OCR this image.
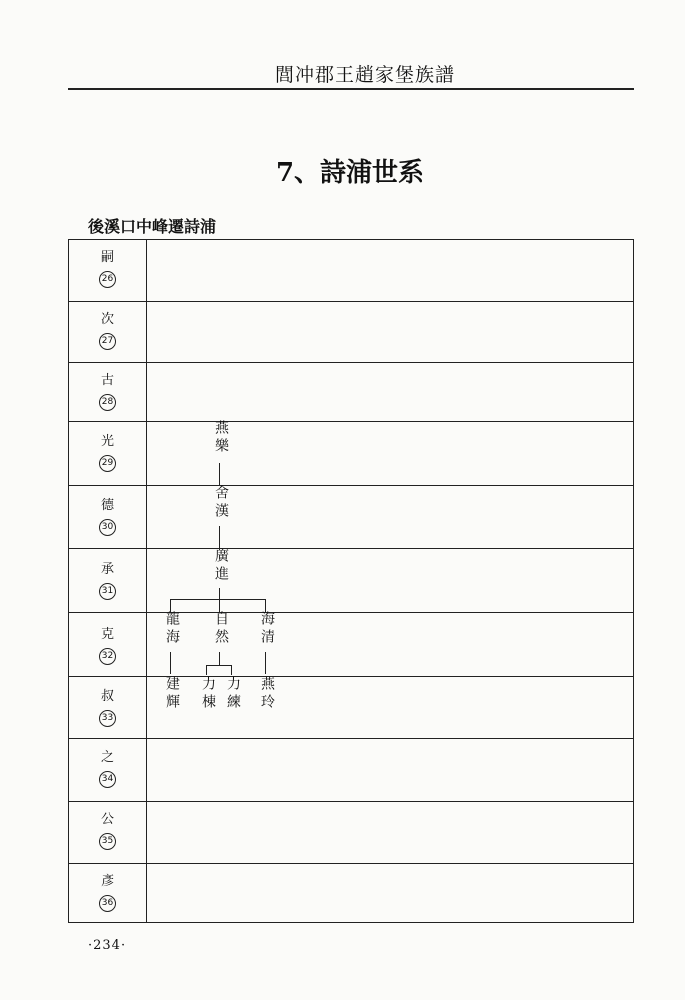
閭冲郡王趙家堡族譜
7、詩浦世系
後溪口中峰遷詩浦
嗣
26
次
27
古
28
光
29
德
30
承
31
克
32
叔
33
之
34
公
35
彥
36
燕樂
舍漢
廣進
龍海 自然 海清
建輝 力棟 力練 燕玲
·234·
